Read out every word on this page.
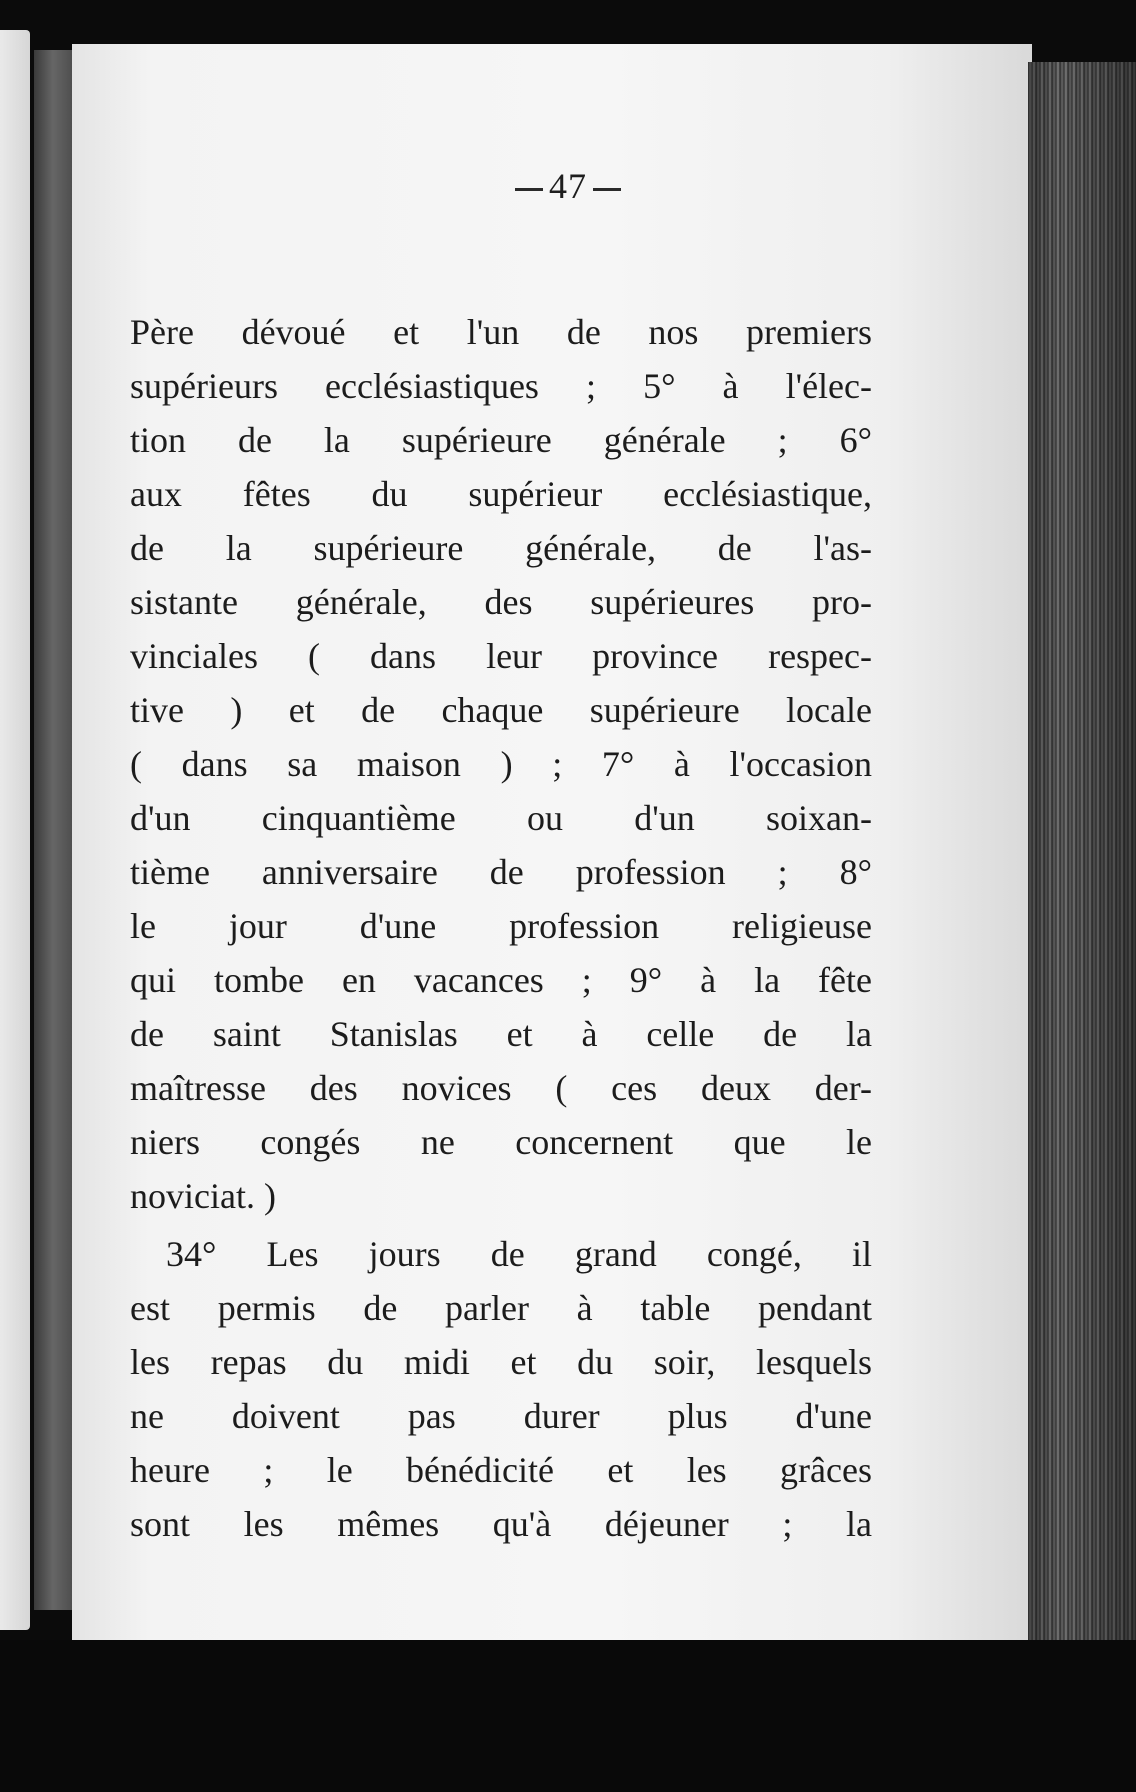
47
Père dévoué et l'un de nos premiers
supérieurs ecclésiastiques ; 5° à l'élec-
tion de la supérieure générale ; 6°
aux fêtes du supérieur ecclésiastique,
de la supérieure générale, de l'as-
sistante générale, des supérieures pro-
vinciales ( dans leur province respec-
tive ) et de chaque supérieure locale
( dans sa maison ) ; 7° à l'occasion
d'un cinquantième ou d'un soixan-
tième anniversaire de profession ; 8°
le jour d'une profession religieuse
qui tombe en vacances ; 9° à la fête
de saint Stanislas et à celle de la
maîtresse des novices ( ces deux der-
niers congés ne concernent que le
noviciat. )
34° Les jours de grand congé, il
est permis de parler à table pendant
les repas du midi et du soir, lesquels
ne doivent pas durer plus d'une
heure ; le bénédicité et les grâces
sont les mêmes qu'à déjeuner ; la
